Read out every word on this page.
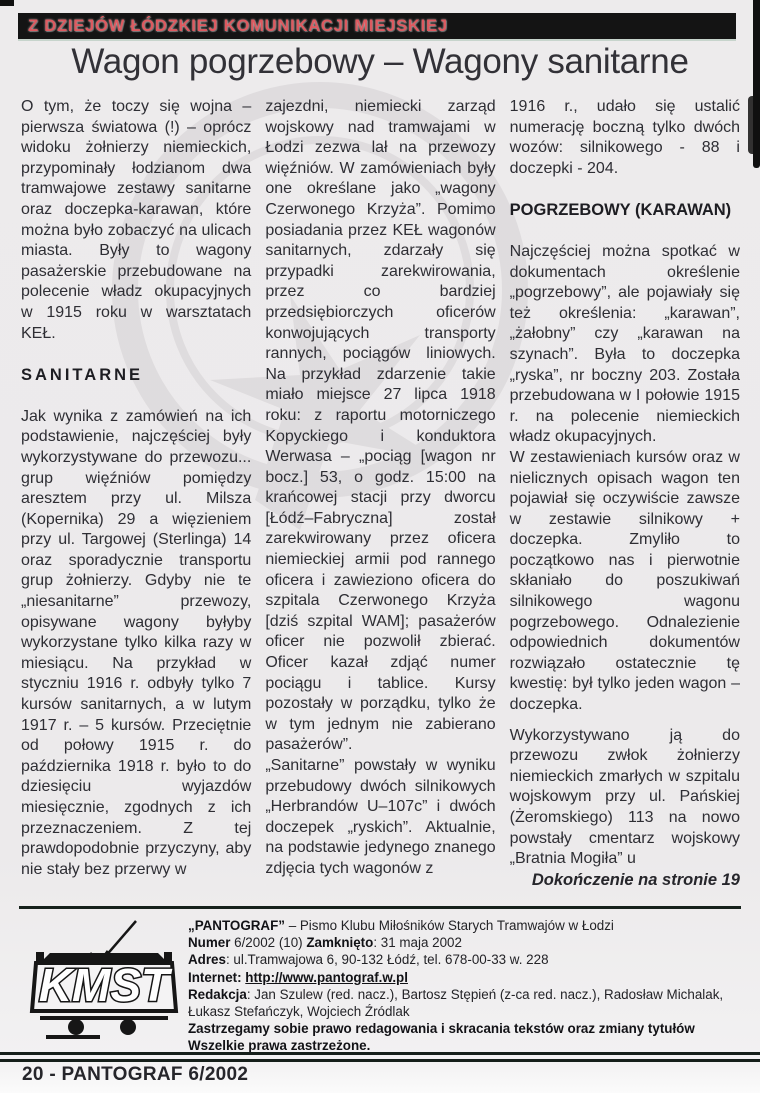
Z DZIEJÓW ŁÓDZKIEJ KOMUNIKACJI MIEJSKIEJ
Wagon pogrzebowy – Wagony sanitarne

O tym, że toczy się wojna – pierwsza światowa (!) – oprócz widoku żołnierzy niemieckich, przypominały łodzianom dwa tramwajowe zestawy sanitarne oraz doczepka-karawan, które można było zobaczyć na ulicach miasta. Były to wagony pasażerskie przebudowane na polecenie władz okupacyjnych w 1915 roku w warsztatach KEŁ.

SANITARNE

Jak wynika z zamówień na ich podstawienie, najczęściej były wykorzystywane do przewozu... grup więźniów pomiędzy aresztem przy ul. Milsza (Kopernika) 29 a więzieniem przy ul. Targowej (Sterlinga) 14 oraz sporadycznie transportu grup żołnierzy. Gdyby nie te „niesanitarne” przewozy, opisywane wagony byłyby wykorzystane tylko kilka razy w miesiącu. Na przykład w styczniu 1916 r. odbyły tylko 7 kursów sanitarnych, a w lutym 1917 r. – 5 kursów. Przeciętnie od połowy 1915 r. do października 1918 r. było to do dziesięciu wyjazdów miesięcznie, zgodnych z ich przeznaczeniem. Z tej prawdopodobnie przyczyny, aby nie stały bez przerwy w

zajezdni, niemiecki zarząd wojskowy nad tramwajami w Łodzi zezwa lał na przewozy więźniów. W zamówieniach były one określane jako „wagony Czerwonego Krzyża”. Pomimo posiadania przez KEŁ wagonów sanitarnych, zdarzały się przypadki zarekwirowania, przez co bardziej przedsiębiorczych oficerów konwojujących transporty rannych, pociągów liniowych. Na przykład zdarzenie takie miało miejsce 27 lipca 1918 roku: z raportu motorniczego Kopyckiego i konduktora Werwasa – „pociąg [wagon nr bocz.] 53, o godz. 15:00 na krańcowej stacji przy dworcu [Łódź–Fabryczna] został zarekwirowany przez oficera niemieckiej armii pod rannego oficera i zawieziono oficera do szpitala Czerwonego Krzyża [dziś szpital WAM]; pasażerów oficer nie pozwolił zbierać. Oficer kazał zdjąć numer pociągu i tablice. Kursy pozostały w porządku, tylko że w tym jednym nie zabierano pasażerów”.

„Sanitarne” powstały w wyniku przebudowy dwóch silnikowych „Herbrandów U–107c” i dwóch doczepek „ryskich”. Aktualnie, na podstawie jedynego znanego zdjęcia tych wagonów z

1916 r., udało się ustalić numerację boczną tylko dwóch wozów: silnikowego - 88 i doczepki - 204.

POGRZEBOWY (KARAWAN)

Najczęściej można spotkać w dokumentach określenie „pogrzebowy”, ale pojawiały się też określenia: „karawan”, „żałobny” czy „karawan na szynach”. Była to doczepka „ryska”, nr boczny 203. Została przebudowana w I połowie 1915 r. na polecenie niemieckich władz okupacyjnych.

W zestawieniach kursów oraz w nielicznych opisach wagon ten pojawiał się oczywiście zawsze w zestawie silnikowy + doczepka. Zmyliło to początkowo nas i pierwotnie skłaniało do poszukiwań silnikowego wagonu pogrzebowego. Odnalezienie odpowiednich dokumentów rozwiązało ostatecznie tę kwestię: był tylko jeden wagon – doczepka.

Wykorzystywano ją do przewozu zwłok żołnierzy niemieckich zmarłych w szpitalu wojskowym przy ul. Pańskiej (Żeromskiego) 113 na nowo powstały cmentarz wojskowy „Bratnia Mogiła” u

Dokończenie na stronie 19

KMST
„PANTOGRAF” – Pismo Klubu Miłośników Starych Tramwajów w Łodzi
Numer 6/2002 (10) Zamknięto: 31 maja 2002
Adres: ul.Tramwajowa 6, 90-132 Łódź, tel. 678-00-33 w. 228
Internet: http://www.pantograf.w.pl
Redakcja: Jan Szulew (red. nacz.), Bartosz Stępień (z-ca red. nacz.), Radosław Michalak, Łukasz Stefańczyk, Wojciech Źródlak
Zastrzegamy sobie prawo redagowania i skracania tekstów oraz zmiany tytułów
Wszelkie prawa zastrzeżone.
20 - PANTOGRAF 6/2002
